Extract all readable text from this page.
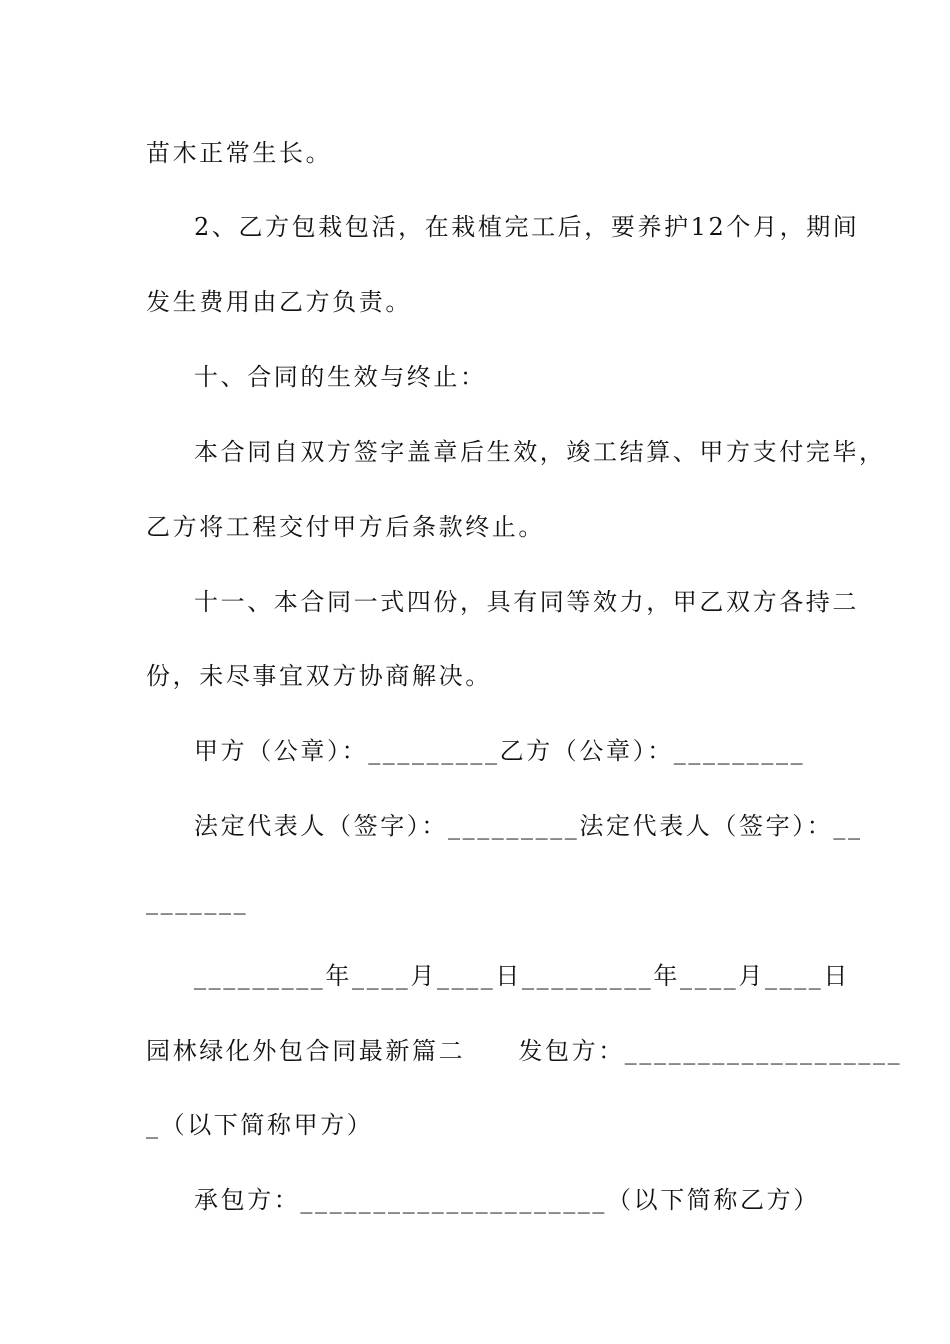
苗木正常生长。
2、乙方包栽包活，在栽植完工后，要养护12个月，期间
发生费用由乙方负责。
十、合同的生效与终止：
本合同自双方签字盖章后生效，竣工结算、甲方支付完毕，
乙方将工程交付甲方后条款终止。
十一、本合同一式四份，具有同等效力，甲乙双方各持二
份，未尽事宜双方协商解决。
甲方（公章）：_________乙方（公章）：_________
法定代表人（签字）：_________法定代表人（签字）：__
_______
_________年____月____日_________年____月____日
园林绿化外包合同最新篇二　　发包方：___________________
_（以下简称甲方）
承包方：_____________________（以下简称乙方）
